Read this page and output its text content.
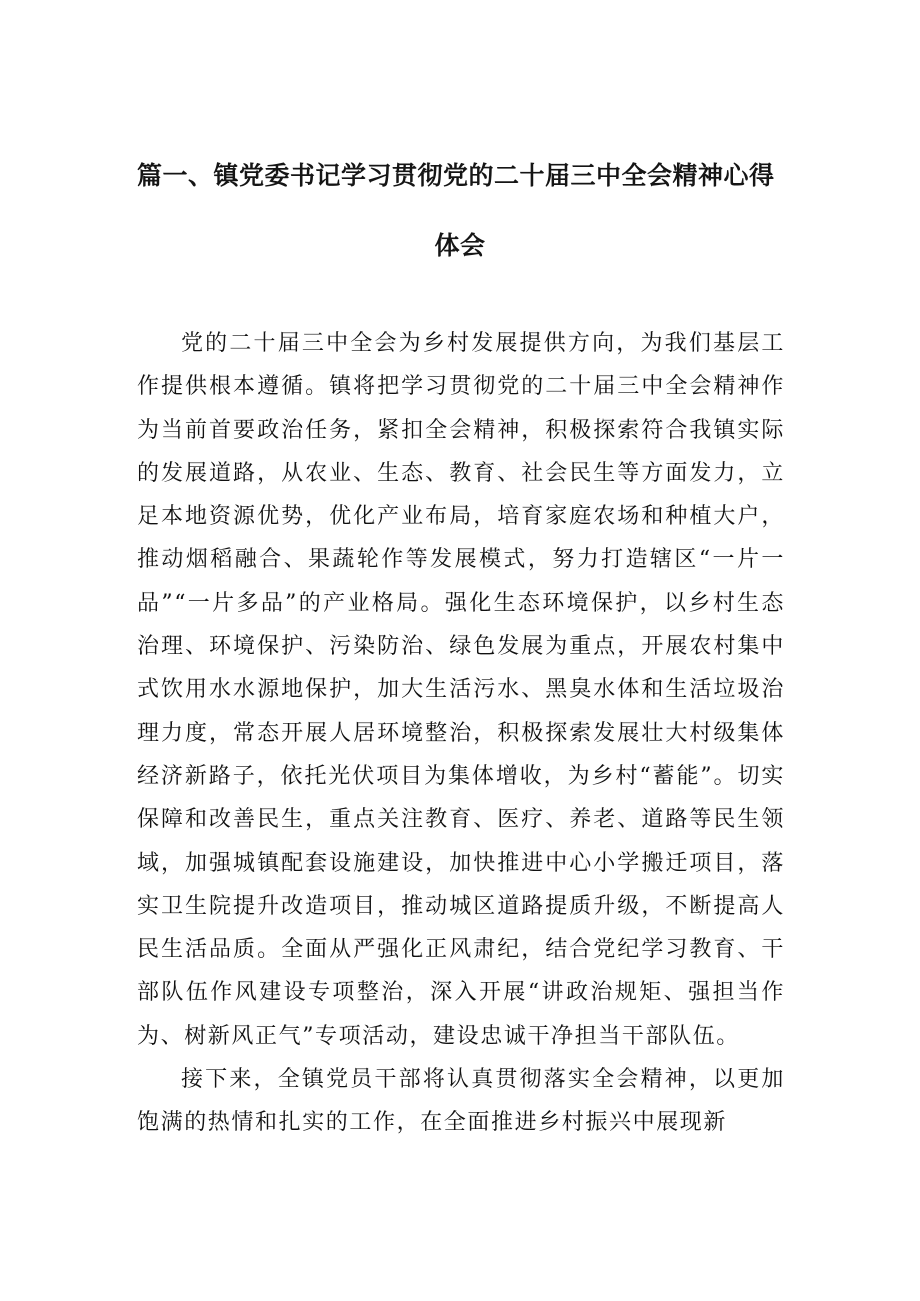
篇一、镇党委书记学习贯彻党的二十届三中全会精神心得
体会

党的二十届三中全会为乡村发展提供方向，为我们基层工作提供根本遵循。镇将把学习贯彻党的二十届三中全会精神作为当前首要政治任务，紧扣全会精神，积极探索符合我镇实际的发展道路，从农业、生态、教育、社会民生等方面发力，立足本地资源优势，优化产业布局，培育家庭农场和种植大户，推动烟稻融合、果蔬轮作等发展模式，努力打造辖区“一片一品”“一片多品”的产业格局。强化生态环境保护，以乡村生态治理、环境保护、污染防治、绿色发展为重点，开展农村集中式饮用水水源地保护，加大生活污水、黑臭水体和生活垃圾治理力度，常态开展人居环境整治，积极探索发展壮大村级集体经济新路子，依托光伏项目为集体增收，为乡村“蓄能”。切实保障和改善民生，重点关注教育、医疗、养老、道路等民生领域，加强城镇配套设施建设，加快推进中心小学搬迁项目，落实卫生院提升改造项目，推动城区道路提质升级，不断提高人民生活品质。全面从严强化正风肃纪，结合党纪学习教育、干部队伍作风建设专项整治，深入开展“讲政治规矩、强担当作为、树新风正气”专项活动，建设忠诚干净担当干部队伍。

接下来，全镇党员干部将认真贯彻落实全会精神，以更加饱满的热情和扎实的工作，在全面推进乡村振兴中展现新
